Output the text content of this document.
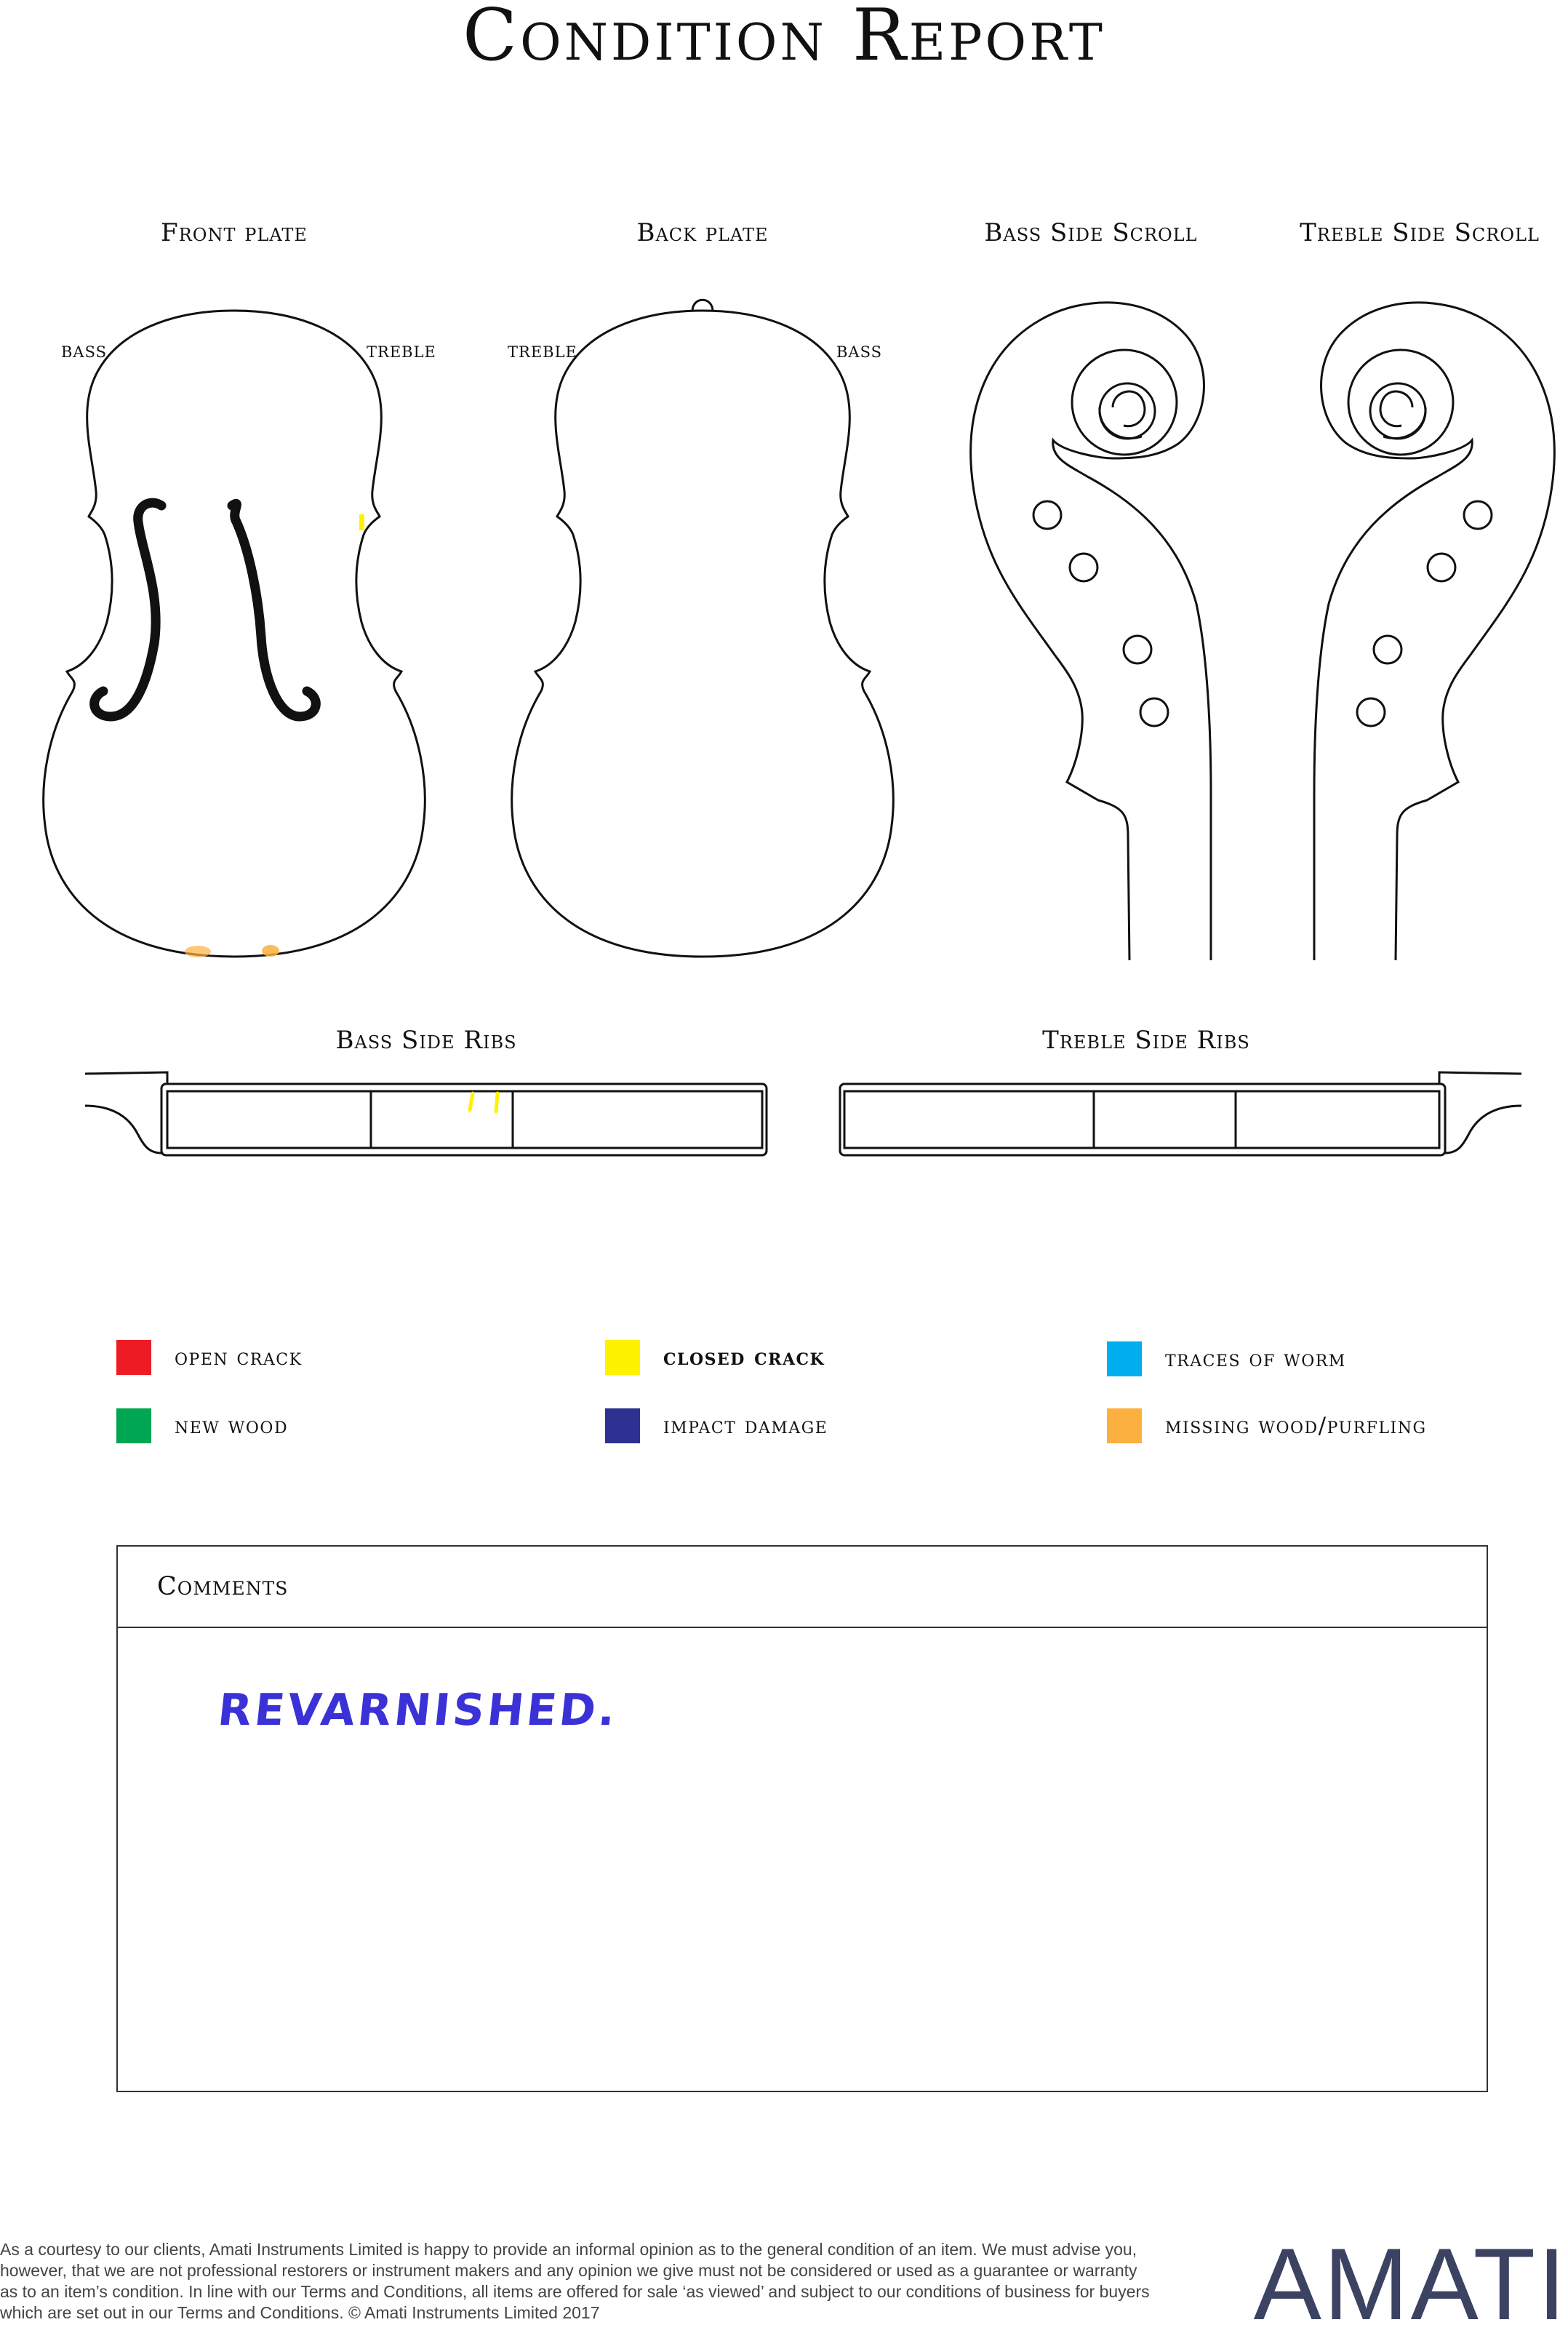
Condition Report
Front plate	Back plate	Bass Side Scroll	Treble Side Scroll
Bass Side Ribs	Treble Side Ribs
BASS	TREBLE	TREBLE	BASS
open crack
new wood
closed crack
impact damage
traces of worm
missing wood/purfling
Comments
REVARNISHED.
As a courtesy to our clients, Amati Instruments Limited is happy to provide an informal opinion as to the general condition of an item. We must advise you, however, that we are not professional restorers or instrument makers and any opinion we give must not be considered or used as a guarantee or warranty as to an item’s condition. In line with our Terms and Conditions, all items are offered for sale ‘as viewed’ and subject to our conditions of business for buyers which are set out in our Terms and Conditions. © Amati Instruments Limited 2017	AMATI
